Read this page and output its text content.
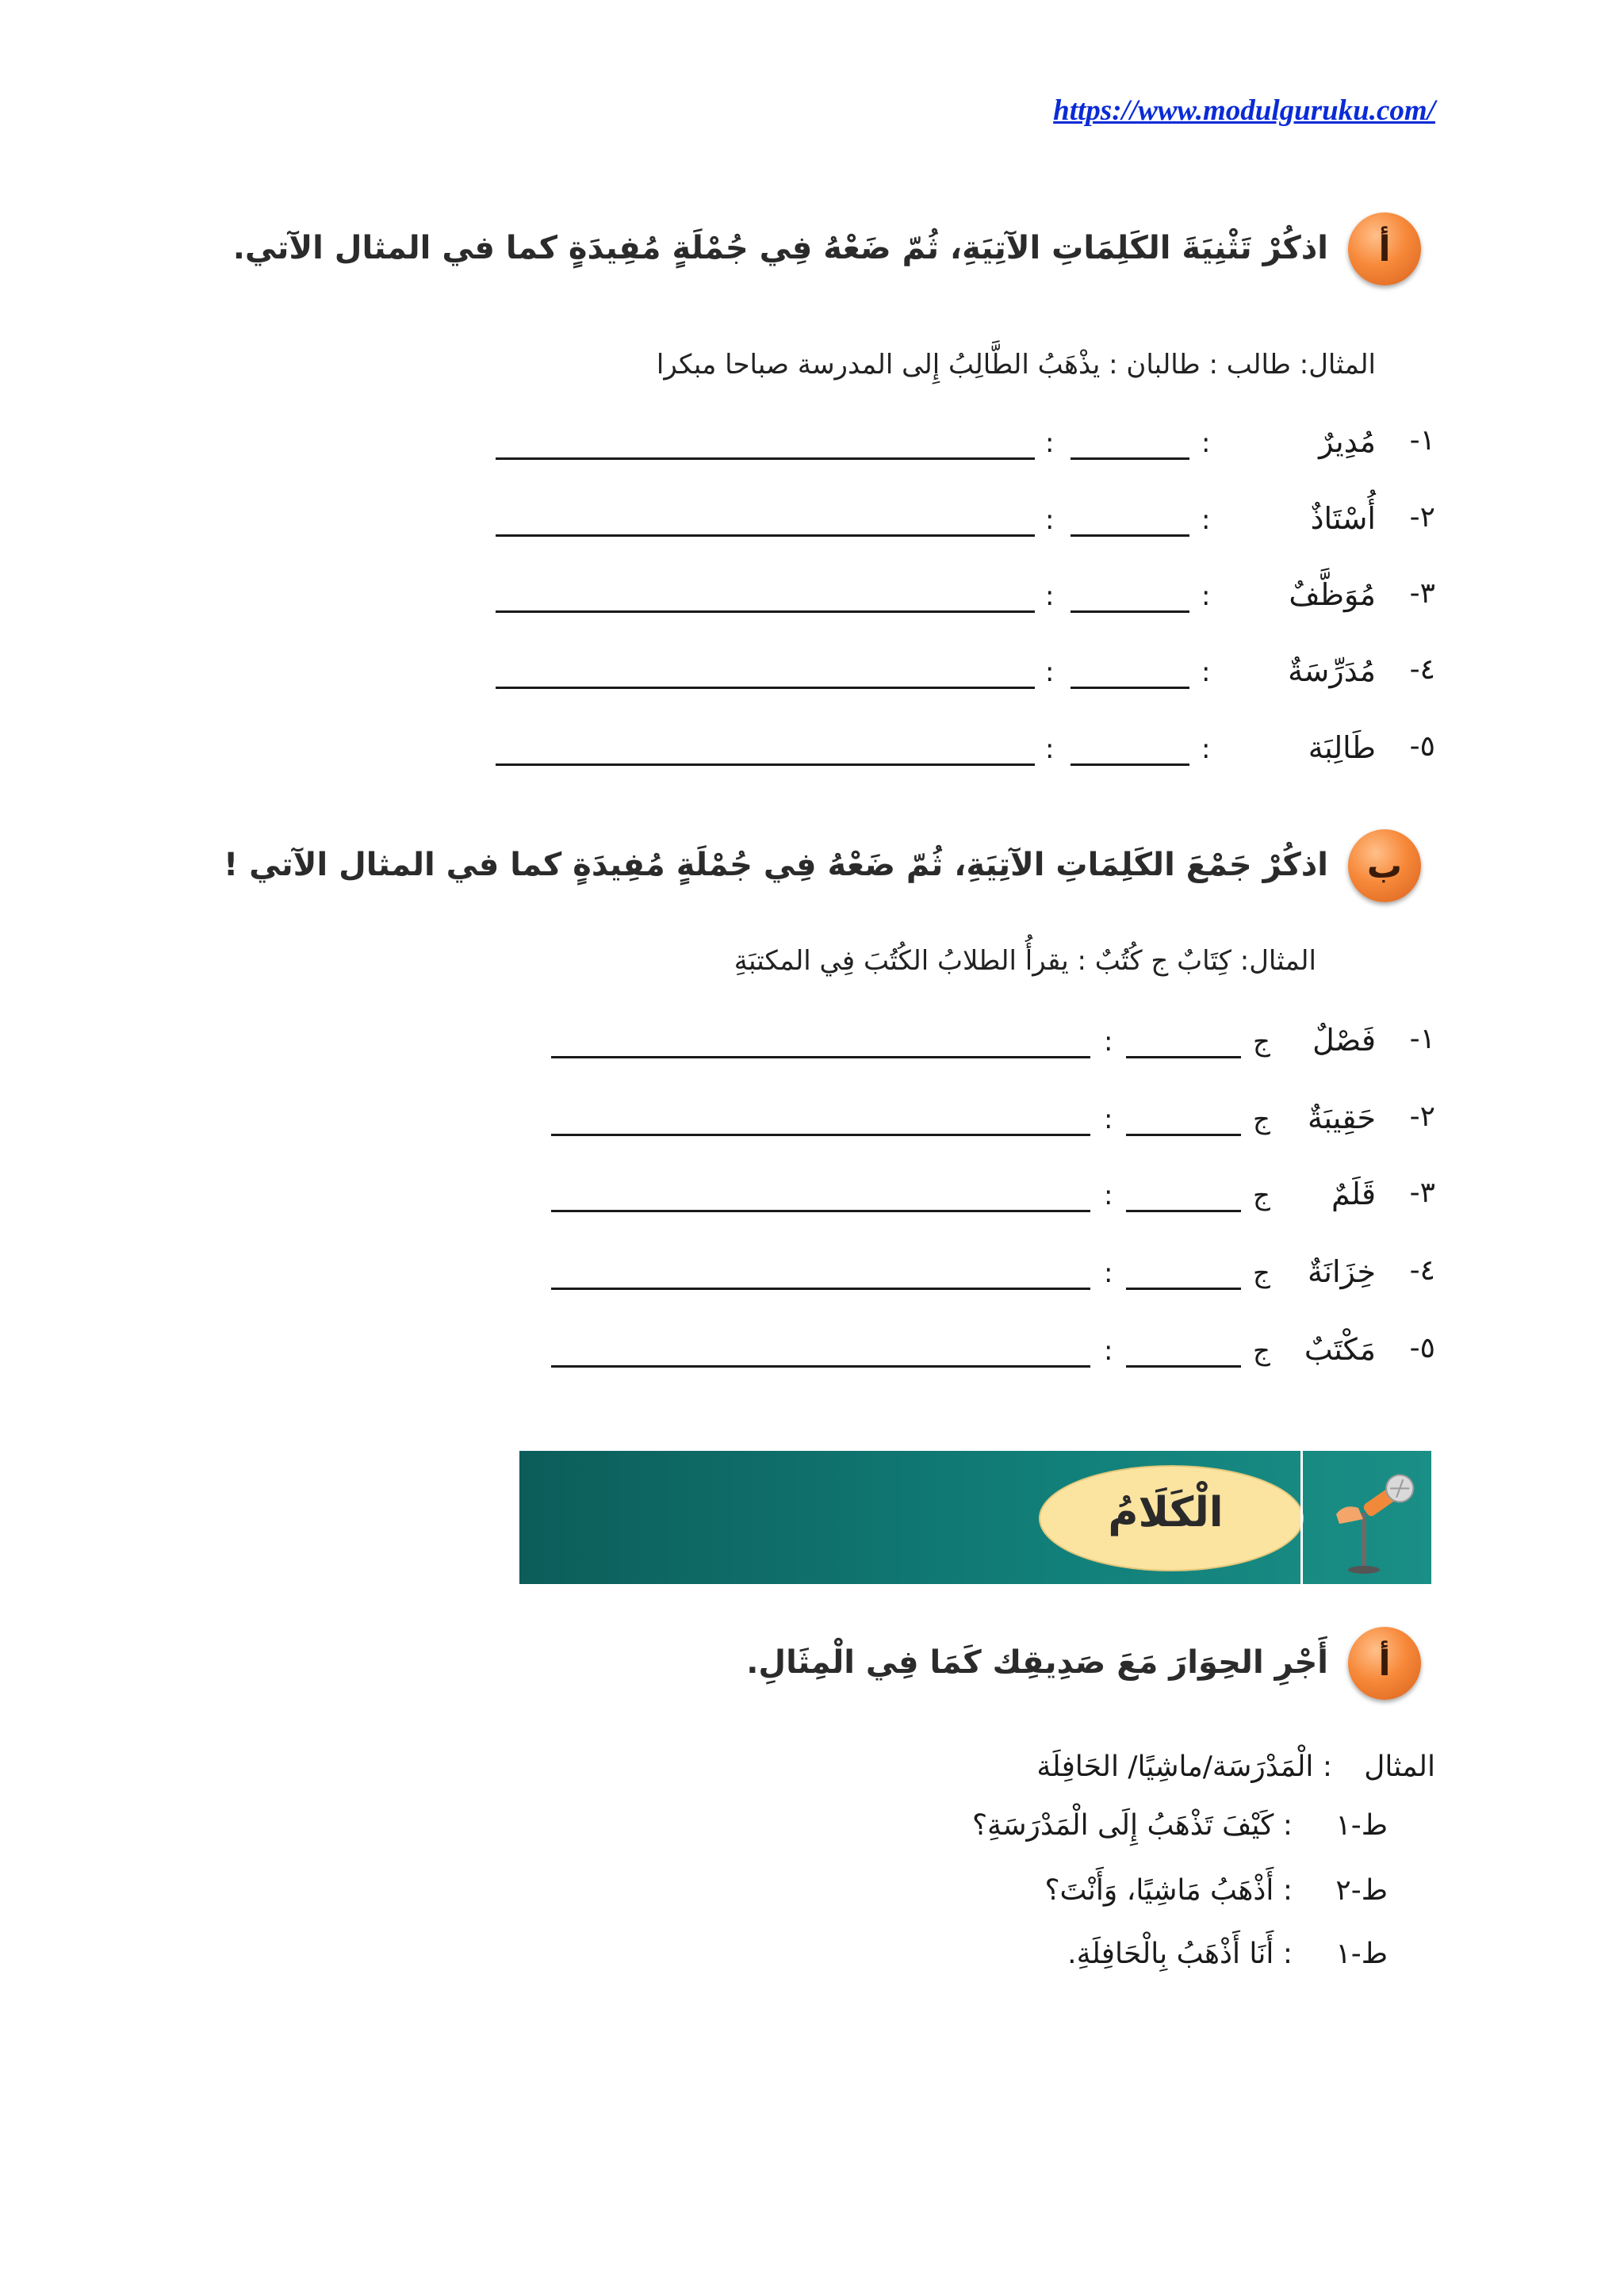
https://www.modulguruku.com/
أ
اذكُرْ تَثْنِيَةَ الكَلِمَاتِ الآتِيَةِ، ثُمّ ضَعْهُ فِي جُمْلَةٍ مُفِيدَةٍ كما في المثال الآتي.
المثال: طالب : طالبان : يذْهَبُ الطَّالِبُ إِلى المدرسة صباحا مبكرا
١-
مُدِيرٌ
:
:
٢-
أُسْتَاذٌ
:
:
٣-
مُوَظَّفٌ
:
:
٤-
مُدَرِّسَةٌ
:
:
٥-
طَالِبَة
:
:
ب
اذكُرْ جَمْعَ الكَلِمَاتِ الآتِيَةِ، ثُمّ ضَعْهُ فِي جُمْلَةٍ مُفِيدَةٍ كما في المثال الآتي !
المثال: كِتَابٌ ج كُتُبٌ : يقرأُ الطلابُ الكُتُبَ فِي المكتبَةِ
١-
فَصْلٌ
ج
:
٢-
حَقِيبَةٌ
ج
:
٣-
قَلَمٌ
ج
:
٤-
خِزَانَةٌ
ج
:
٥-
مَكْتَبٌ
ج
:
الْكَلَامُ
أ
أَجْرِ الحِوَارَ مَعَ صَدِيقِك كَمَا فِي الْمِثَالِ.
المثال
: الْمَدْرَسَة/ماشِيًا/ الحَافِلَة
ط-١
: كَيْفَ تَذْهَبُ إِلَى الْمَدْرَسَةِ؟
ط-٢
: أَذْهَبُ مَاشِيًا، وَأَنْتَ؟
ط-١
: أَنَا أَذْهَبُ بِالْحَافِلَةِ.
